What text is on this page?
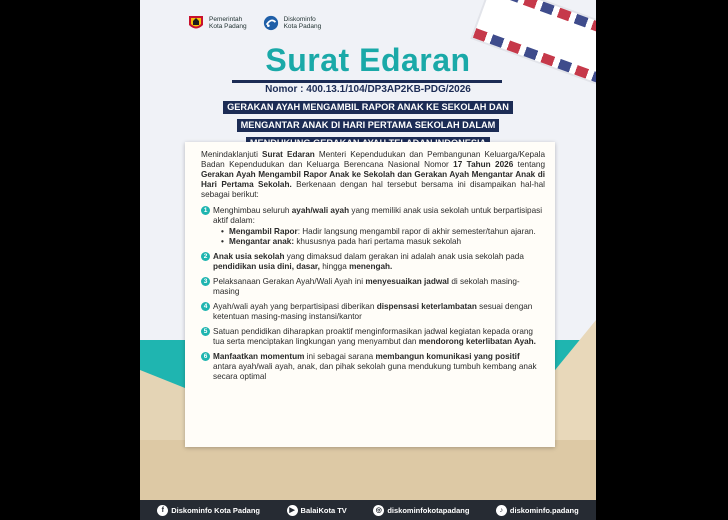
Pemerintah
Kota Padang
Diskominfo
Kota Padang
Surat Edaran
Nomor : 400.13.1/104/DP3AP2KB-PDG/2026
GERAKAN AYAH MENGAMBIL RAPOR ANAK KE SEKOLAH DAN
MENGANTAR ANAK DI HARI PERTAMA SEKOLAH DALAM

Menindaklanjuti Surat Edaran Menteri Kependudukan dan Pembangunan Keluarga/Kepala Badan Kependudukan dan Keluarga Berencana Nasional Nomor 17 Tahun 2026 tentang Gerakan Ayah Mengambil Rapor Anak ke Sekolah dan Gerakan Ayah Mengantar Anak di Hari Pertama Sekolah. Berkenaan dengan hal tersebut bersama ini disampaikan hal-hal sebagai berikut:

1 Menghimbau seluruh ayah/wali ayah yang memiliki anak usia sekolah untuk berpartisipasi aktif dalam:
• Mengambil Rapor: Hadir langsung mengambil rapor di akhir semester/tahun ajaran.
• Mengantar anak: khususnya pada hari pertama masuk sekolah
2 Anak usia sekolah yang dimaksud dalam gerakan ini adalah anak usia sekolah pada pendidikan usia dini, dasar, hingga menengah.
3 Pelaksanaan Gerakan Ayah/Wali Ayah ini menyesuaikan jadwal di sekolah masing-masing
4 Ayah/wali ayah yang berpartisipasi diberikan dispensasi keterlambatan sesuai dengan ketentuan masing-masing instansi/kantor
5 Satuan pendidikan diharapkan proaktif menginformasikan jadwal kegiatan kepada orang tua serta menciptakan lingkungan yang menyambut dan mendorong keterlibatan Ayah.
6 Manfaatkan momentum ini sebagai sarana membangun komunikasi yang positif antara ayah/wali ayah, anak, dan pihak sekolah guna mendukung tumbuh kembang anak secara optimal
f Diskominfo Kota Padang	▶ BalaiKota TV	◎ diskominfokotapadang	♪ diskominfo.padang
